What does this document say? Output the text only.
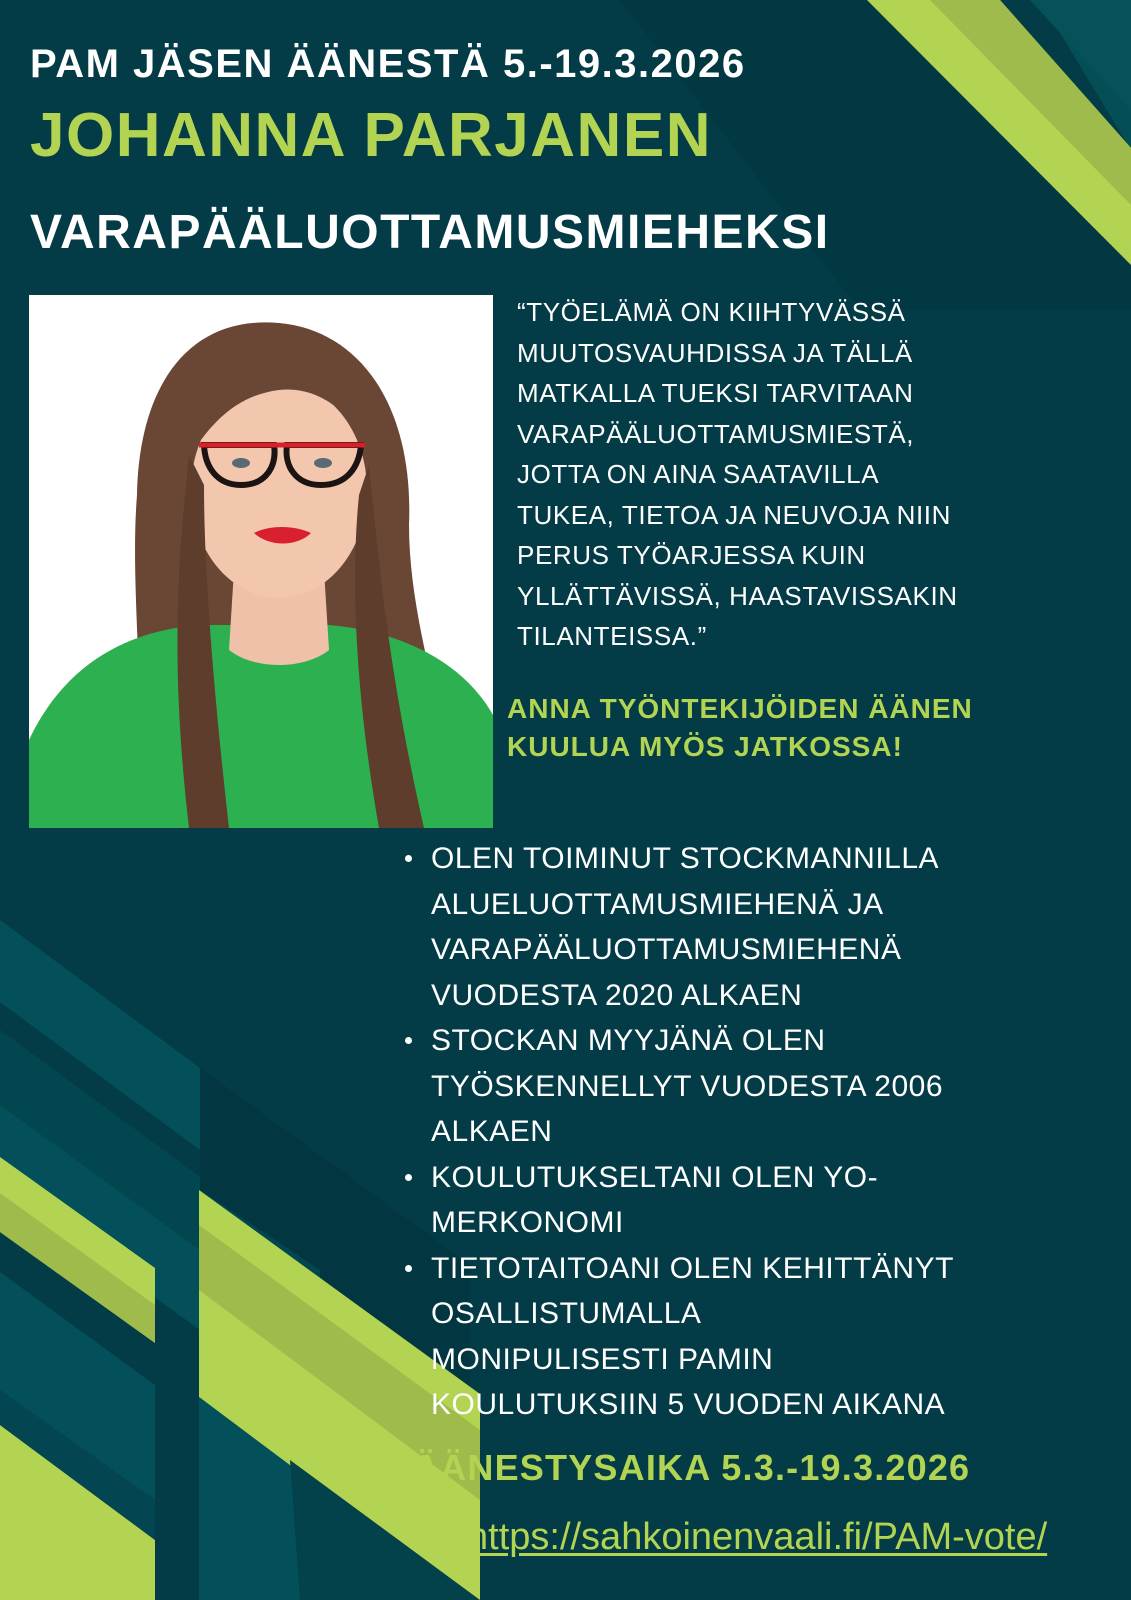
PAM JÄSEN ÄÄNESTÄ 5.-19.3.2026
JOHANNA PARJANEN
VARAPÄÄLUOTTAMUSMIEHEKSI
“TYÖELÄMÄ ON KIIHTYVÄSSÄ
MUUTOSVAUHDISSA JA TÄLLÄ
MATKALLA TUEKSI TARVITAAN
VARAPÄÄLUOTTAMUSMIESTÄ,
JOTTA ON AINA SAATAVILLA
TUKEA, TIETOA JA NEUVOJA NIIN
PERUS TYÖARJESSA KUIN
YLLÄTTÄVISSÄ, HAASTAVISSAKIN
TILANTEISSA.”
ANNA TYÖNTEKIJÖIDEN ÄÄNEN
KUULUA MYÖS JATKOSSA!
OLEN TOIMINUT STOCKMANNILLA
ALUELUOTTAMUSMIEHENÄ JA
VARAPÄÄLUOTTAMUSMIEHENÄ
VUODESTA 2020 ALKAEN
STOCKAN MYYJÄNÄ OLEN
TYÖSKENNELLYT VUODESTA 2006
ALKAEN
KOULUTUKSELTANI OLEN YO-
MERKONOMI
TIETOTAITOANI OLEN KEHITTÄNYT
OSALLISTUMALLA
MONIPULISESTI PAMIN
KOULUTUKSIIN 5 VUODEN AIKANA
ÄÄNESTYSAIKA 5.3.-19.3.2026
https://sahkoinenvaali.fi/PAM-vote/
